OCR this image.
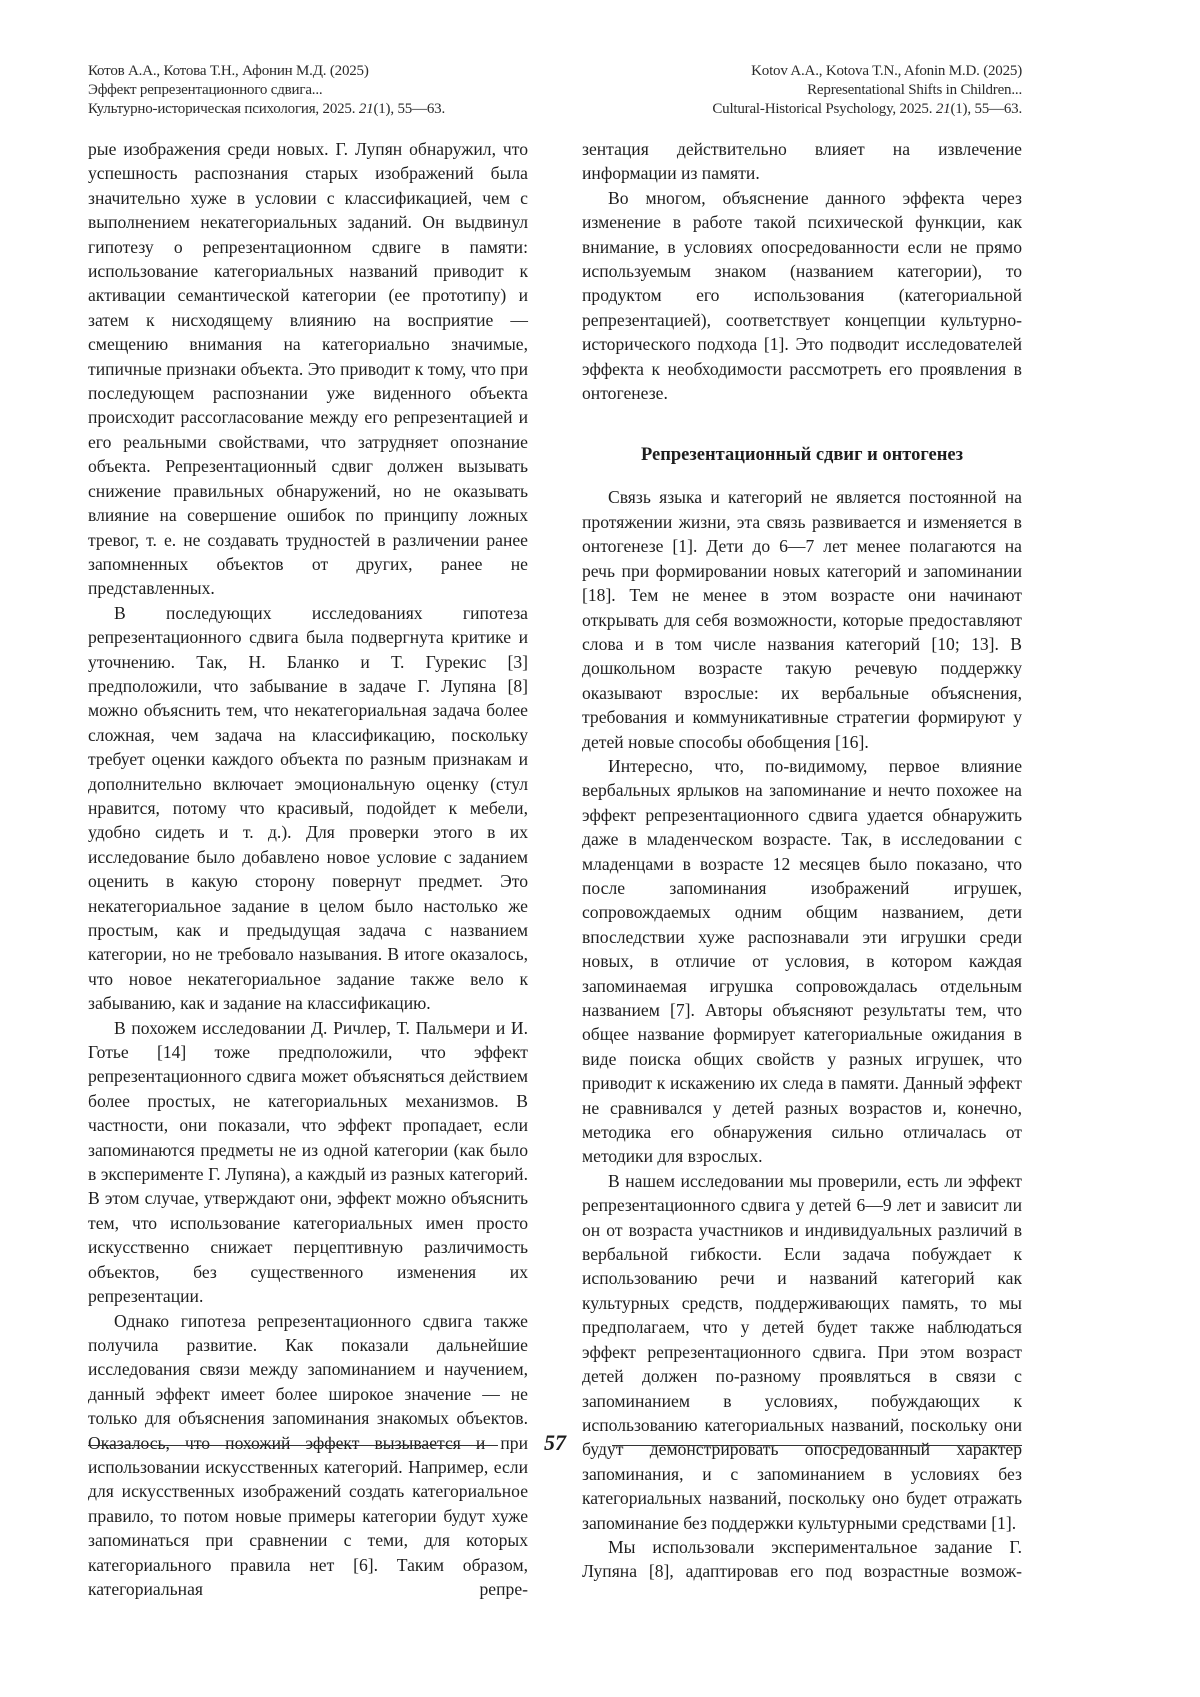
Котов А.А., Котова Т.Н., Афонин М.Д. (2025)
Эффект репрезентационного сдвига...
Культурно-историческая психология, 2025. 21(1), 55—63.
Kotov A.A., Kotova T.N., Afonin M.D. (2025)
Representational Shifts in Children...
Cultural-Historical Psychology, 2025. 21(1), 55—63.

рые изображения среди новых. Г. Лупян обнаружил, что успешность распознания старых изображений была значительно хуже в условии с классификацией, чем с выполнением некатегориальных заданий. Он выдвинул гипотезу о репрезентационном сдвиге в памяти: использование категориальных названий приводит к активации семантической категории (ее прототипу) и затем к нисходящему влиянию на восприятие — смещению внимания на категориально значимые, типичные признаки объекта. Это приводит к тому, что при последующем распознании уже виденного объекта происходит рассогласование между его репрезентацией и его реальными свойствами, что затрудняет опознание объекта. Репрезентационный сдвиг должен вызывать снижение правильных обнаружений, но не оказывать влияние на совершение ошибок по принципу ложных тревог, т. е. не создавать трудностей в различении ранее запомненных объектов от других, ранее не представленных.

В последующих исследованиях гипотеза репрезентационного сдвига была подвергнута критике и уточнению. Так, Н. Бланко и Т. Гурекис [3] предположили, что забывание в задаче Г. Лупяна [8] можно объяснить тем, что некатегориальная задача более сложная, чем задача на классификацию, поскольку требует оценки каждого объекта по разным признакам и дополнительно включает эмоциональную оценку (стул нравится, потому что красивый, подойдет к мебели, удобно сидеть и т. д.). Для проверки этого в их исследование было добавлено новое условие с заданием оценить в какую сторону повернут предмет. Это некатегориальное задание в целом было настолько же простым, как и предыдущая задача с названием категории, но не требовало называния. В итоге оказалось, что новое некатегориальное задание также вело к забыванию, как и задание на классификацию.

В похожем исследовании Д. Ричлер, Т. Пальмери и И. Готье [14] тоже предположили, что эффект репрезентационного сдвига может объясняться действием более простых, не категориальных механизмов. В частности, они показали, что эффект пропадает, если запоминаются предметы не из одной категории (как было в эксперименте Г. Лупяна), а каждый из разных категорий. В этом случае, утверждают они, эффект можно объяснить тем, что использование категориальных имен просто искусственно снижает перцептивную различимость объектов, без существенного изменения их репрезентации.

Однако гипотеза репрезентационного сдвига также получила развитие. Как показали дальнейшие исследования связи между запоминанием и научением, данный эффект имеет более широкое значение — не только для объяснения запоминания знакомых объектов. Оказалось, что похожий эффект вызывается и при использовании искусственных категорий. Например, если для искусственных изображений создать категориальное правило, то потом новые примеры категории будут хуже запоминаться при сравнении с теми, для которых категориального правила нет [6]. Таким образом, категориальная репре-

зентация действительно влияет на извлечение информации из памяти.

Во многом, объяснение данного эффекта через изменение в работе такой психической функции, как внимание, в условиях опосредованности если не прямо используемым знаком (названием категории), то продуктом его использования (категориальной репрезентацией), соответствует концепции культурно-исторического подхода [1]. Это подводит исследователей эффекта к необходимости рассмотреть его проявления в онтогенезе.

Репрезентационный сдвиг и онтогенез

Связь языка и категорий не является постоянной на протяжении жизни, эта связь развивается и изменяется в онтогенезе [1]. Дети до 6—7 лет менее полагаются на речь при формировании новых категорий и запоминании [18]. Тем не менее в этом возрасте они начинают открывать для себя возможности, которые предоставляют слова и в том числе названия категорий [10; 13]. В дошкольном возрасте такую речевую поддержку оказывают взрослые: их вербальные объяснения, требования и коммуникативные стратегии формируют у детей новые способы обобщения [16].

Интересно, что, по-видимому, первое влияние вербальных ярлыков на запоминание и нечто похожее на эффект репрезентационного сдвига удается обнаружить даже в младенческом возрасте. Так, в исследовании с младенцами в возрасте 12 месяцев было показано, что после запоминания изображений игрушек, сопровождаемых одним общим названием, дети впоследствии хуже распознавали эти игрушки среди новых, в отличие от условия, в котором каждая запоминаемая игрушка сопровождалась отдельным названием [7]. Авторы объясняют результаты тем, что общее название формирует категориальные ожидания в виде поиска общих свойств у разных игрушек, что приводит к искажению их следа в памяти. Данный эффект не сравнивался у детей разных возрастов и, конечно, методика его обнаружения сильно отличалась от методики для взрослых.

В нашем исследовании мы проверили, есть ли эффект репрезентационного сдвига у детей 6—9 лет и зависит ли он от возраста участников и индивидуальных различий в вербальной гибкости. Если задача побуждает к использованию речи и названий категорий как культурных средств, поддерживающих память, то мы предполагаем, что у детей будет также наблюдаться эффект репрезентационного сдвига. При этом возраст детей должен по-разному проявляться в связи с запоминанием в условиях, побуждающих к использованию категориальных названий, поскольку они будут демонстрировать опосредованный характер запоминания, и с запоминанием в условиях без категориальных названий, поскольку оно будет отражать запоминание без поддержки культурными средствами [1].

Мы использовали экспериментальное задание Г. Лупяна [8], адаптировав его под возрастные возмож-

57
